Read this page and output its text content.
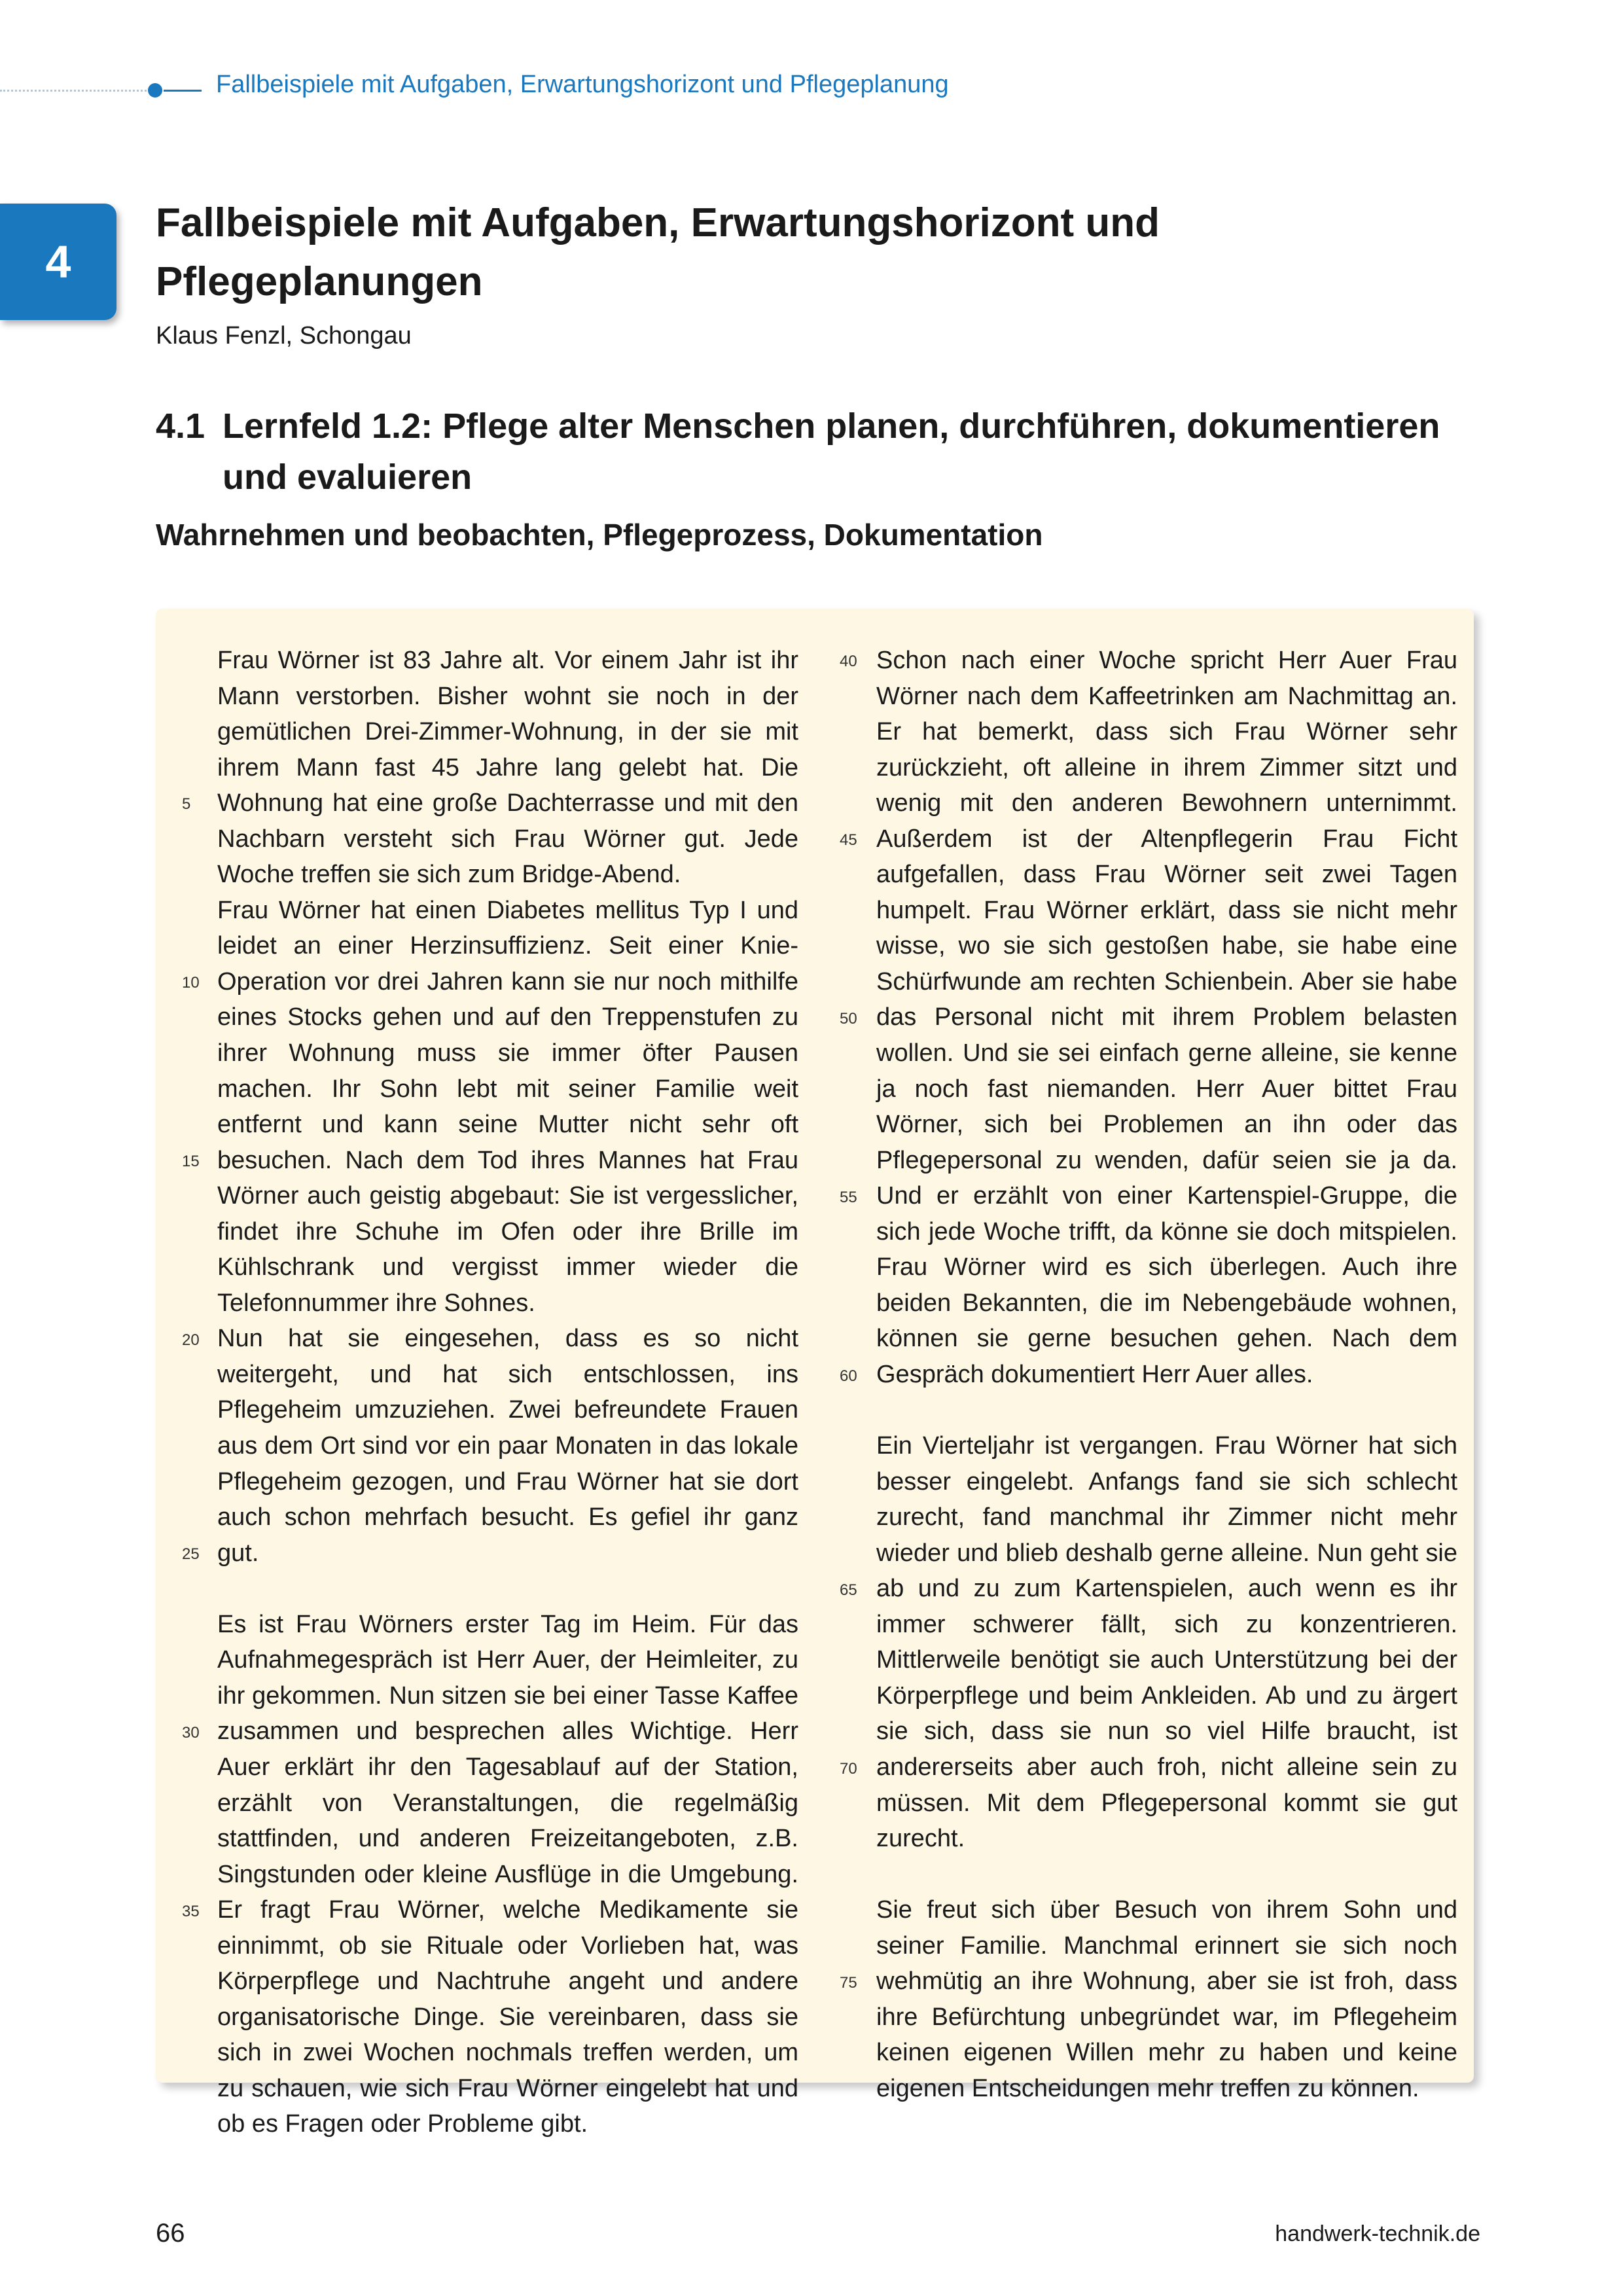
Fallbeispiele mit Aufgaben, Erwartungshorizont und Pflegeplanung
4
Fallbeispiele mit Aufgaben, Erwartungshorizont und Pflegeplanungen
Klaus Fenzl, Schongau
4.1 Lernfeld 1.2: Pflege alter Menschen planen, durchführen, dokumentieren und evaluieren
Wahrnehmen und beobachten, Pflegeprozess, Dokumentation

Frau Wörner ist 83 Jahre alt. Vor einem Jahr ist ihr Mann verstorben. Bisher wohnt sie noch in der gemütlichen Drei-Zimmer-Wohnung, in der sie mit ihrem Mann fast 45 Jahre lang gelebt hat. Die Wohnung hat eine große Dachterrasse und mit den Nachbarn versteht sich Frau Wörner gut. Jede Woche treffen sie sich zum Bridge-Abend.

Frau Wörner hat einen Diabetes mellitus Typ I und leidet an einer Herzinsuffizienz. Seit einer Knie-Operation vor drei Jahren kann sie nur noch mithilfe eines Stocks gehen und auf den Treppenstufen zu ihrer Wohnung muss sie immer öfter Pausen machen. Ihr Sohn lebt mit seiner Familie weit entfernt und kann seine Mutter nicht sehr oft besuchen. Nach dem Tod ihres Mannes hat Frau Wörner auch geistig abgebaut: Sie ist vergesslicher, findet ihre Schuhe im Ofen oder ihre Brille im Kühlschrank und vergisst immer wieder die Telefonnummer ihre Sohnes.

Nun hat sie eingesehen, dass es so nicht weitergeht, und hat sich entschlossen, ins Pflegeheim umzuziehen. Zwei befreundete Frauen aus dem Ort sind vor ein paar Monaten in das lokale Pflegeheim gezogen, und Frau Wörner hat sie dort auch schon mehrfach besucht. Es gefiel ihr ganz gut.

Es ist Frau Wörners erster Tag im Heim. Für das Aufnahmegespräch ist Herr Auer, der Heimleiter, zu ihr gekommen. Nun sitzen sie bei einer Tasse Kaffee zusammen und besprechen alles Wichtige. Herr Auer erklärt ihr den Tagesablauf auf der Station, erzählt von Veranstaltungen, die regelmäßig stattfinden, und anderen Freizeitangeboten, z.B. Singstunden oder kleine Ausflüge in die Umgebung. Er fragt Frau Wörner, welche Medikamente sie einnimmt, ob sie Rituale oder Vorlieben hat, was Körperpflege und Nachtruhe angeht und andere organisatorische Dinge. Sie vereinbaren, dass sie sich in zwei Wochen nochmals treffen werden, um zu schauen, wie sich Frau Wörner eingelebt hat und ob es Fragen oder Probleme gibt.

Schon nach einer Woche spricht Herr Auer Frau Wörner nach dem Kaffeetrinken am Nachmittag an. Er hat bemerkt, dass sich Frau Wörner sehr zurückzieht, oft alleine in ihrem Zimmer sitzt und wenig mit den anderen Bewohnern unternimmt. Außerdem ist der Altenpflegerin Frau Ficht aufgefallen, dass Frau Wörner seit zwei Tagen humpelt. Frau Wörner erklärt, dass sie nicht mehr wisse, wo sie sich gestoßen habe, sie habe eine Schürfwunde am rechten Schienbein. Aber sie habe das Personal nicht mit ihrem Problem belasten wollen. Und sie sei einfach gerne alleine, sie kenne ja noch fast niemanden. Herr Auer bittet Frau Wörner, sich bei Problemen an ihn oder das Pflegepersonal zu wenden, dafür seien sie ja da. Und er erzählt von einer Kartenspiel-Gruppe, die sich jede Woche trifft, da könne sie doch mitspielen. Frau Wörner wird es sich überlegen. Auch ihre beiden Bekannten, die im Nebengebäude wohnen, können sie gerne besuchen gehen. Nach dem Gespräch dokumentiert Herr Auer alles.

Ein Vierteljahr ist vergangen. Frau Wörner hat sich besser eingelebt. Anfangs fand sie sich schlecht zurecht, fand manchmal ihr Zimmer nicht mehr wieder und blieb deshalb gerne alleine. Nun geht sie ab und zu zum Kartenspielen, auch wenn es ihr immer schwerer fällt, sich zu konzentrieren. Mittlerweile benötigt sie auch Unterstützung bei der Körperpflege und beim Ankleiden. Ab und zu ärgert sie sich, dass sie nun so viel Hilfe braucht, ist andererseits aber auch froh, nicht alleine sein zu müssen. Mit dem Pflegepersonal kommt sie gut zurecht.

Sie freut sich über Besuch von ihrem Sohn und seiner Familie. Manchmal erinnert sie sich noch wehmütig an ihre Wohnung, aber sie ist froh, dass ihre Befürchtung unbegründet war, im Pflegeheim keinen eigenen Willen mehr zu haben und keine eigenen Entscheidungen mehr treffen zu können.

5
10
15
20
25
30
35
40
45
50
55
60
65
70
75
66	handwerk-technik.de
